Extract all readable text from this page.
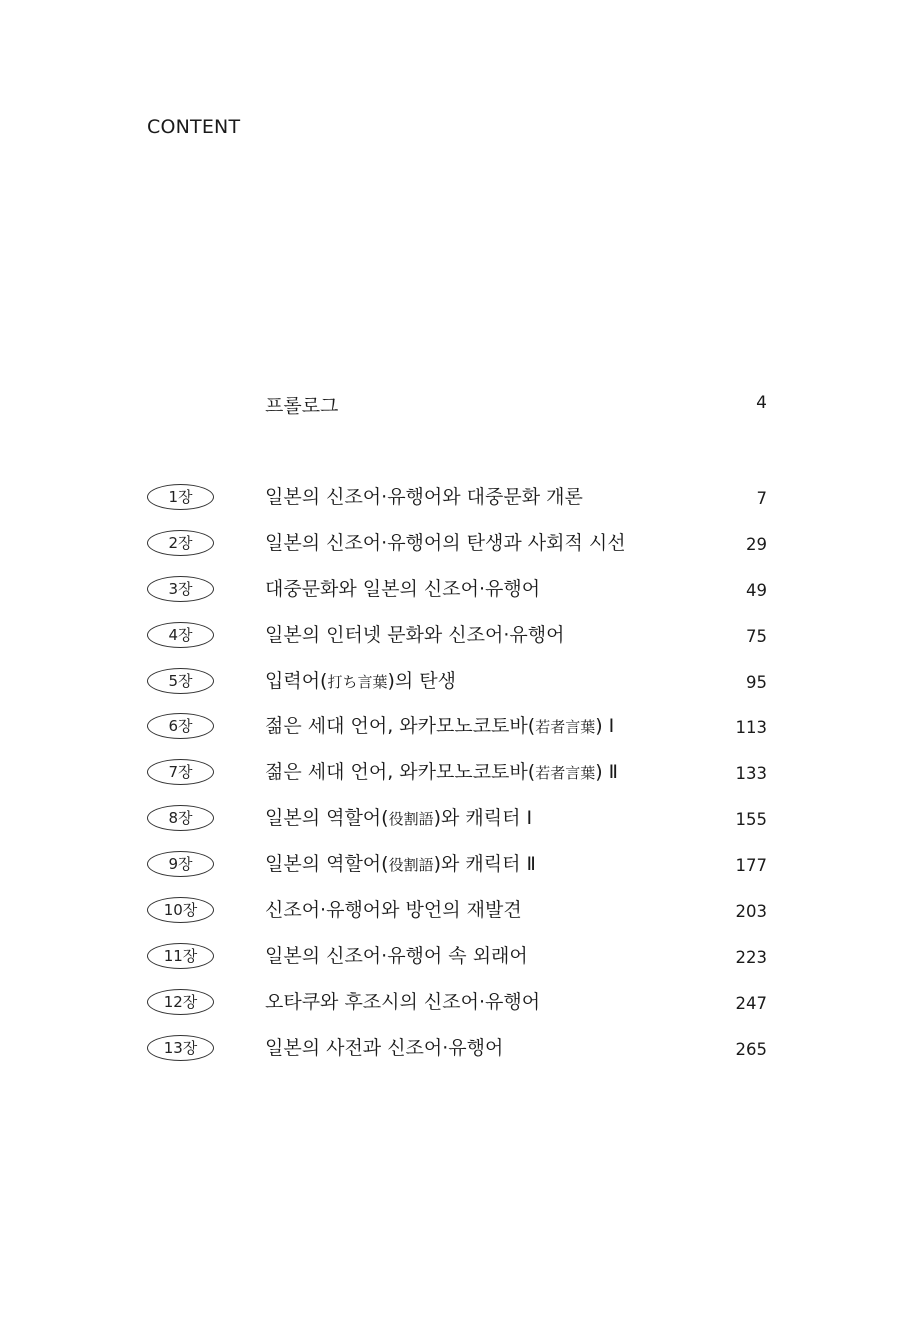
CONTENT
프롤로그	4
1장	일본의 신조어·유행어와 대중문화 개론	7
2장	일본의 신조어·유행어의 탄생과 사회적 시선	29
3장	대중문화와 일본의 신조어·유행어	49
4장	일본의 인터넷 문화와 신조어·유행어	75
5장	입력어(打ち言葉)의 탄생	95
6장	젊은 세대 언어, 와카모노코토바(若者言葉) Ⅰ	113
7장	젊은 세대 언어, 와카모노코토바(若者言葉) Ⅱ	133
8장	일본의 역할어(役割語)와 캐릭터 Ⅰ	155
9장	일본의 역할어(役割語)와 캐릭터 Ⅱ	177
10장	신조어·유행어와 방언의 재발견	203
11장	일본의 신조어·유행어 속 외래어	223
12장	오타쿠와 후조시의 신조어·유행어	247
13장	일본의 사전과 신조어·유행어	265
